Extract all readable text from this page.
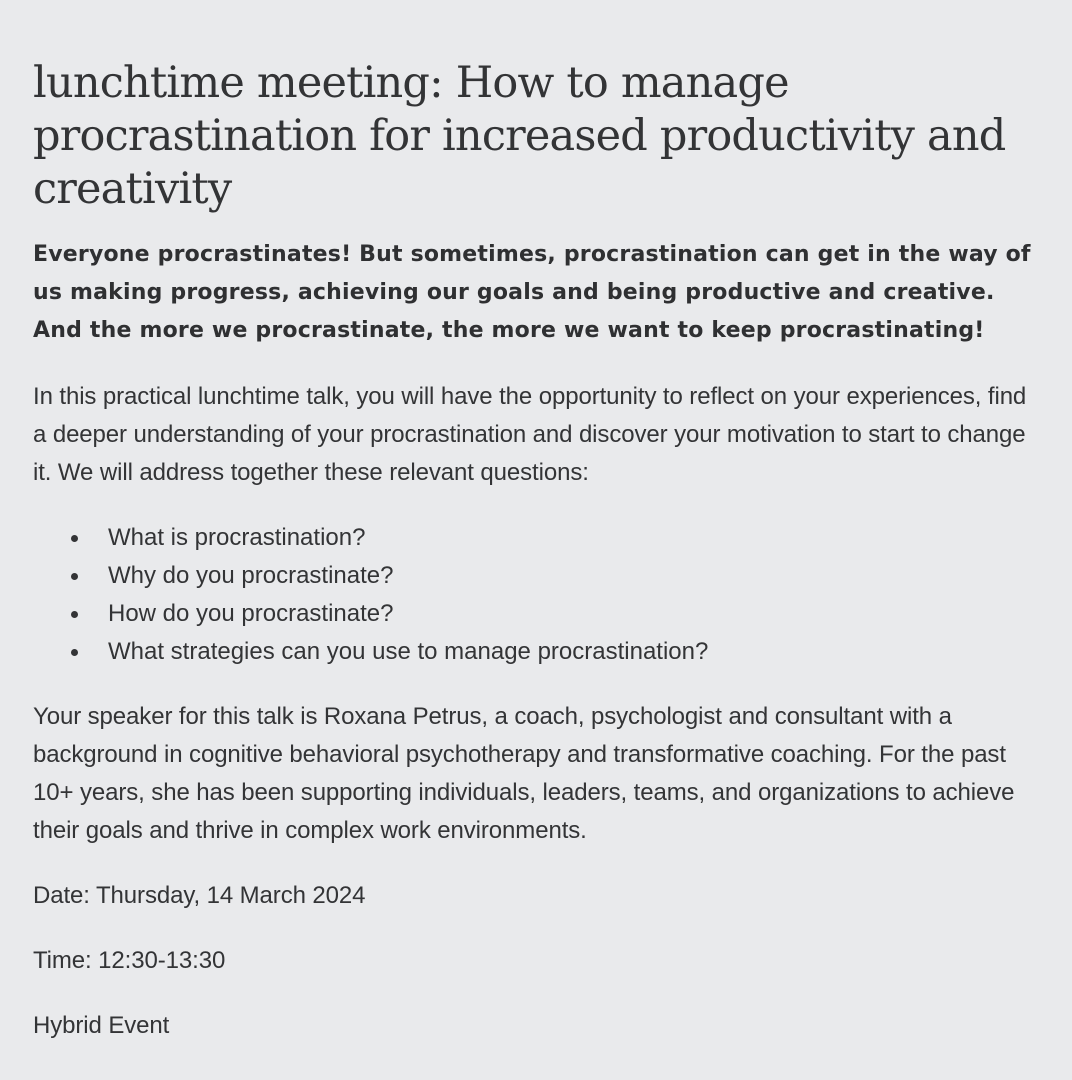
lunchtime meeting: How to manage procrastination for increased productivity and creativity

Everyone procrastinates! But sometimes, procrastination can get in the way of us making progress, achieving our goals and being productive and creative. And the more we procrastinate, the more we want to keep procrastinating!

In this practical lunchtime talk, you will have the opportunity to reflect on your experiences, find a deeper understanding of your procrastination and discover your motivation to start to change it. We will address together these relevant questions:

What is procrastination?
Why do you procrastinate?
How do you procrastinate?
What strategies can you use to manage procrastination?

Your speaker for this talk is Roxana Petrus, a coach, psychologist and consultant with a background in cognitive behavioral psychotherapy and transformative coaching. For the past 10+ years, she has been supporting individuals, leaders, teams, and organizations to achieve their goals and thrive in complex work environments.

Date: Thursday, 14 March 2024

Time: 12:30-13:30

Hybrid Event
